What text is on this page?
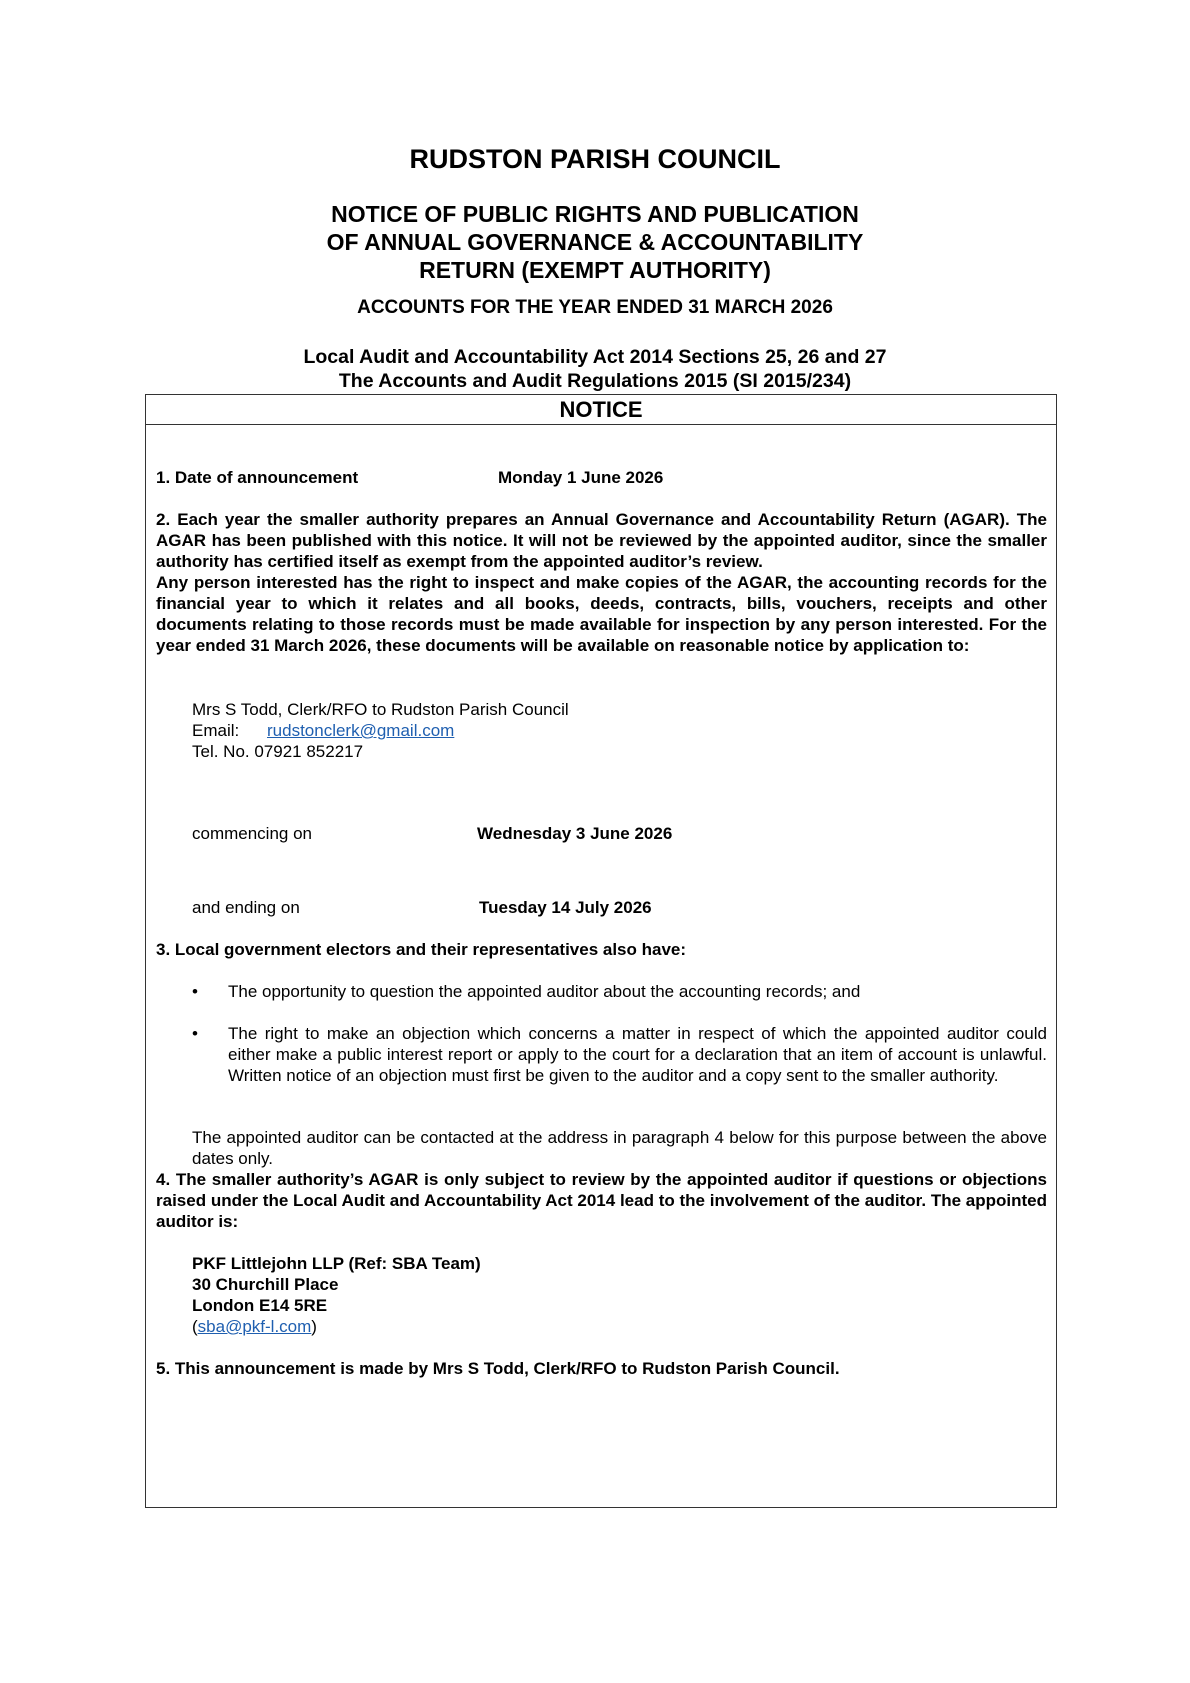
RUDSTON PARISH COUNCIL
NOTICE OF PUBLIC RIGHTS AND PUBLICATION
OF ANNUAL GOVERNANCE & ACCOUNTABILITY
RETURN (EXEMPT AUTHORITY)
ACCOUNTS FOR THE YEAR ENDED 31 MARCH 2026
Local Audit and Accountability Act 2014 Sections 25, 26 and 27
The Accounts and Audit Regulations 2015 (SI 2015/234)
NOTICE
1. Date of announcement	Monday 1 June 2026
2. Each year the smaller authority prepares an Annual Governance and Accountability Return (AGAR). The AGAR has been published with this notice. It will not be reviewed by the appointed auditor, since the smaller authority has certified itself as exempt from the appointed auditor’s review.
Any person interested has the right to inspect and make copies of the AGAR, the accounting records for the financial year to which it relates and all books, deeds, contracts, bills, vouchers, receipts and other documents relating to those records must be made available for inspection by any person interested. For the year ended 31 March 2026, these documents will be available on reasonable notice by application to:
Mrs S Todd, Clerk/RFO to Rudston Parish Council
Email: rudstonclerk@gmail.com
Tel. No. 07921 852217
commencing on	Wednesday 3 June 2026
and ending on	Tuesday 14 July 2026
3. Local government electors and their representatives also have:
• The opportunity to question the appointed auditor about the accounting records; and
• The right to make an objection which concerns a matter in respect of which the appointed auditor could either make a public interest report or apply to the court for a declaration that an item of account is unlawful. Written notice of an objection must first be given to the auditor and a copy sent to the smaller authority.
The appointed auditor can be contacted at the address in paragraph 4 below for this purpose between the above dates only.
4. The smaller authority’s AGAR is only subject to review by the appointed auditor if questions or objections raised under the Local Audit and Accountability Act 2014 lead to the involvement of the auditor. The appointed auditor is:
PKF Littlejohn LLP (Ref: SBA Team)
30 Churchill Place
London E14 5RE
(sba@pkf-l.com)
5. This announcement is made by Mrs S Todd, Clerk/RFO to Rudston Parish Council.
